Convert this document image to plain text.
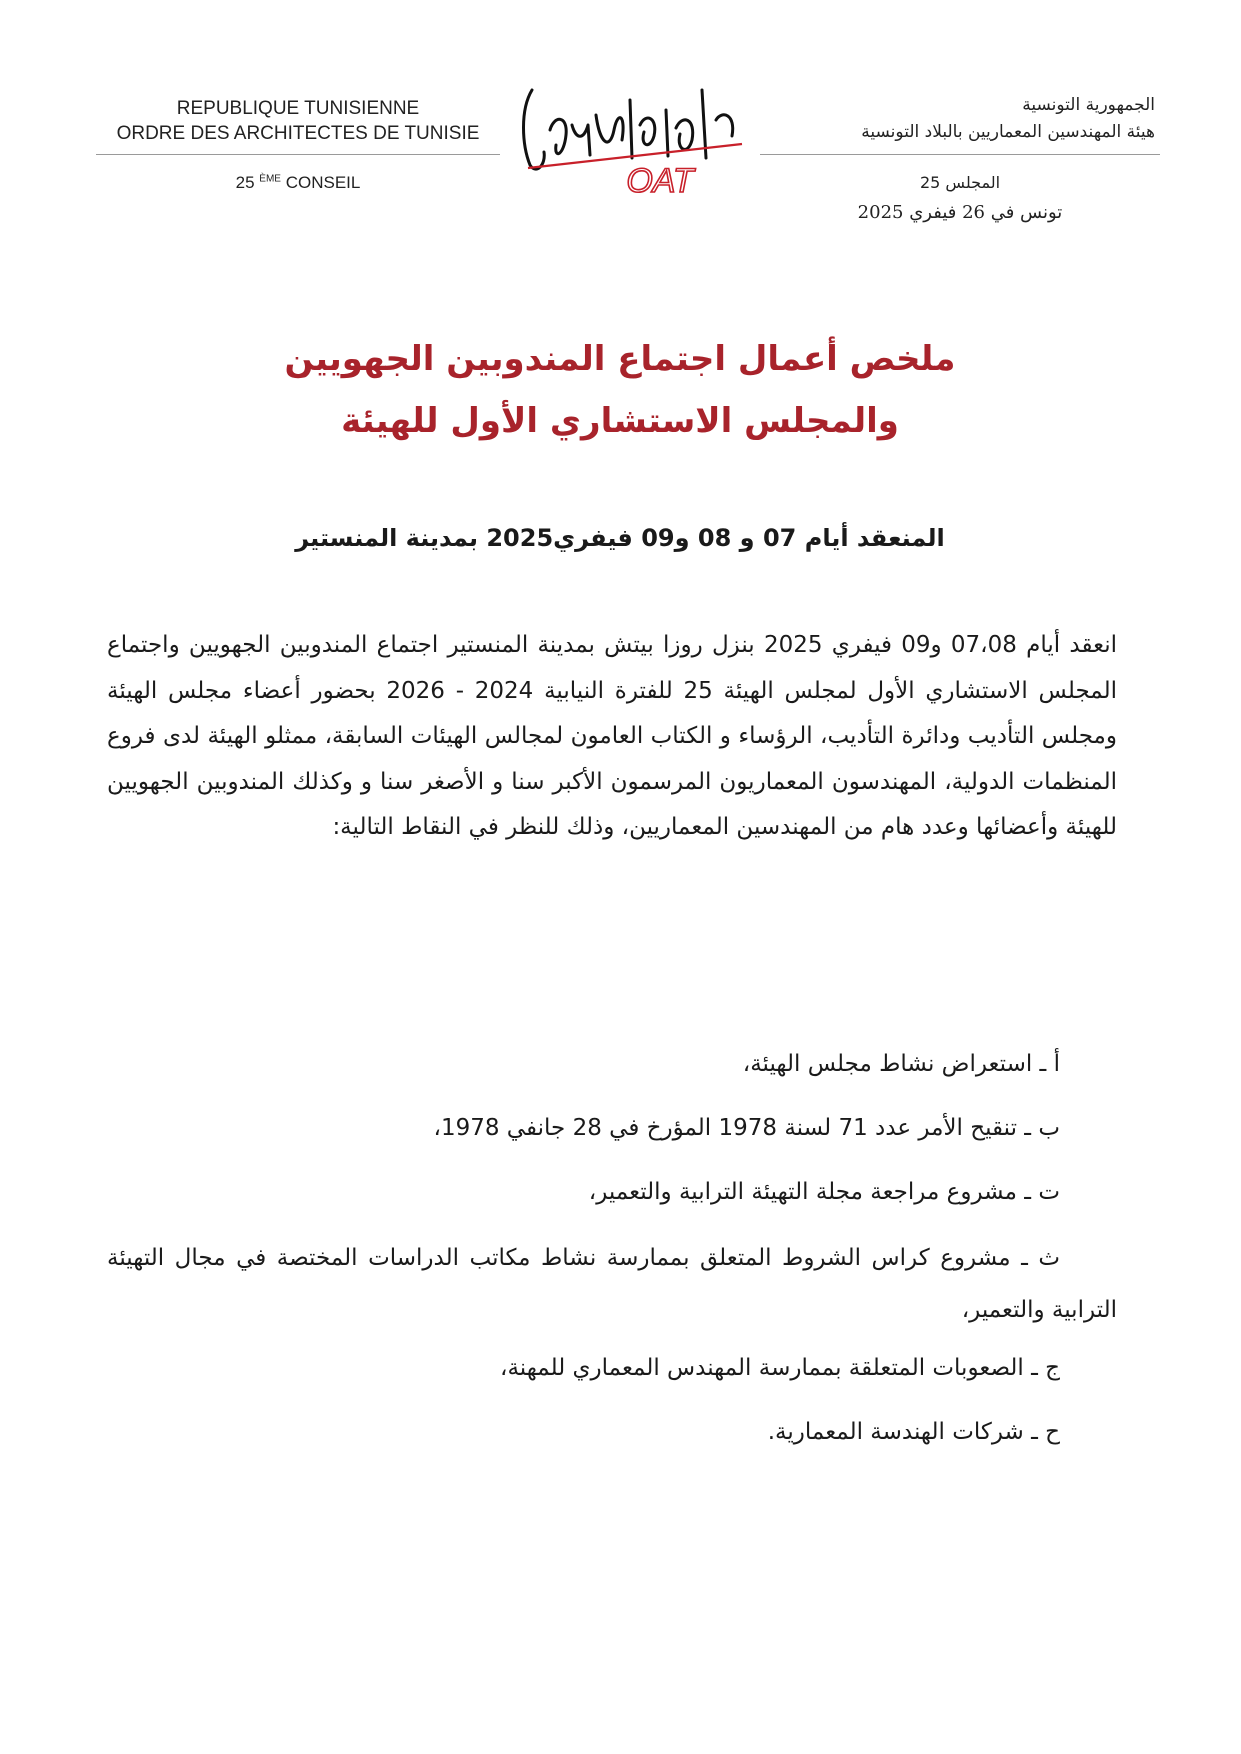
REPUBLIQUE TUNISIENNE
ORDRE DES ARCHITECTES DE TUNISIE
25 $^{ÈME}$ CONSEIL	OAT
الجمهورية التونسية
هيئة المهندسين المعماريين بالبلاد التونسية
المجلس 25
تونس في 26 فيفري 2025
ملخص أعمال اجتماع المندوبين الجهويين
والمجلس الاستشاري الأول للهيئة
المنعقد أيام 07 و 08 و09 فيفري2025 بمدينة المنستير

انعقد أيام 07،08 و09 فيفري 2025 بنزل روزا بيتش بمدينة المنستير اجتماع المندوبين الجهويين واجتماع المجلس الاستشاري الأول لمجلس الهيئة 25 للفترة النيابية 2024 - 2026 بحضور أعضاء مجلس الهيئة ومجلس التأديب ودائرة التأديب، الرؤساء و الكتاب العامون لمجالس الهيئات السابقة، ممثلو الهيئة لدى فروع المنظمات الدولية، المهندسون المعماريون المرسمون الأكبر سنا و الأصغر سنا و وكذلك المندوبين الجهويين للهيئة وأعضائها وعدد هام من المهندسين المعماريين، وذلك للنظر في النقاط التالية:

أ ـ استعراض نشاط مجلس الهيئة،
ب ـ تنقيح الأمر عدد 71 لسنة 1978 المؤرخ في 28 جانفي 1978،
ت ـ مشروع مراجعة مجلة التهيئة الترابية والتعمير،
ث ـ مشروع كراس الشروط المتعلق بممارسة نشاط مكاتب الدراسات المختصة في مجال التهيئة الترابية والتعمير،
ج ـ الصعوبات المتعلقة بممارسة المهندس المعماري للمهنة،
ح ـ شركات الهندسة المعمارية.
